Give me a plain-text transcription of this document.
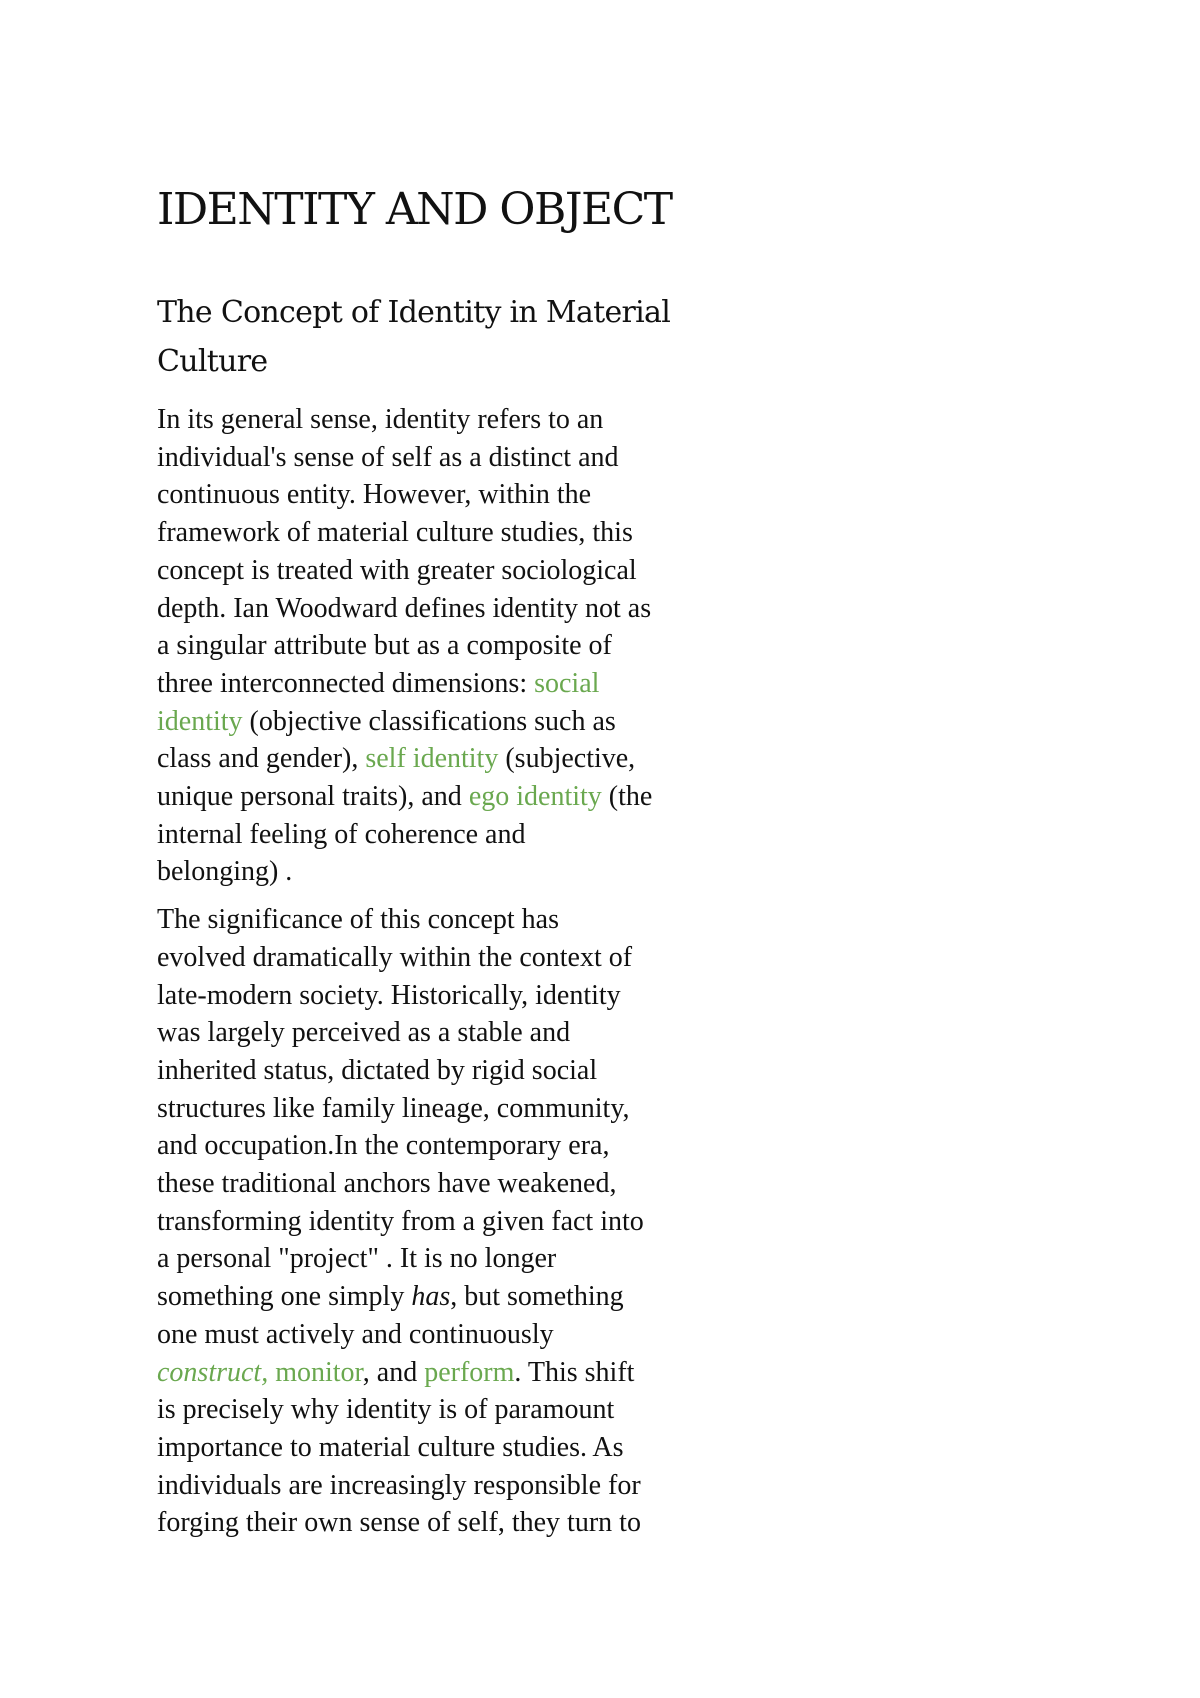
IDENTITY AND OBJECT
The Concept of Identity in Material
Culture

In its general sense, identity refers to an
individual's sense of self as a distinct and
continuous entity. However, within the
framework of material culture studies, this
concept is treated with greater sociological
depth. Ian Woodward defines identity not as
a singular attribute but as a composite of
three interconnected dimensions: social
identity (objective classifications such as
class and gender), self identity (subjective,
unique personal traits), and ego identity (the
internal feeling of coherence and
belonging) .

The significance of this concept has
evolved dramatically within the context of
late-modern society. Historically, identity
was largely perceived as a stable and
inherited status, dictated by rigid social
structures like family lineage, community,
and occupation.In the contemporary era,
these traditional anchors have weakened,
transforming identity from a given fact into
a personal "project" . It is no longer
something one simply has, but something
one must actively and continuously
construct, monitor, and perform. This shift
is precisely why identity is of paramount
importance to material culture studies. As
individuals are increasingly responsible for
forging their own sense of self, they turn to
